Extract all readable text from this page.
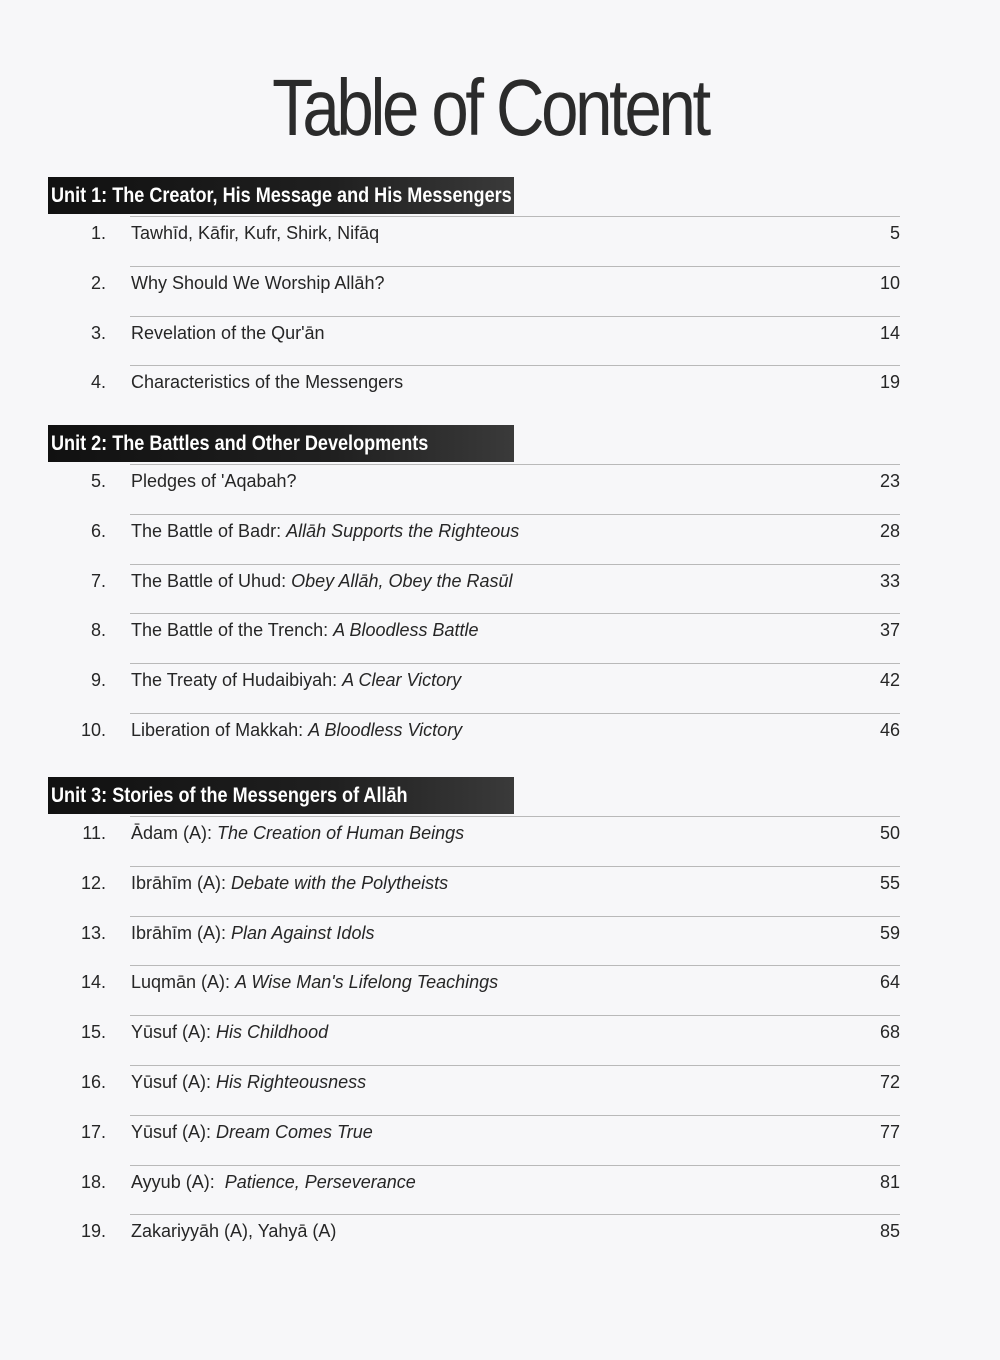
Table of Content
Unit 1: The Creator, His Message and His Messengers
1. Tawhīd, Kāfir, Kufr, Shirk, Nifāq	5
2. Why Should We Worship Allāh?	10
3. Revelation of the Qur'ān	14
4. Characteristics of the Messengers	19
Unit 2: The Battles and Other Developments
5. Pledges of 'Aqabah?	23
6. The Battle of Badr: Allāh Supports the Righteous	28
7. The Battle of Uhud: Obey Allāh, Obey the Rasūl	33
8. The Battle of the Trench: A Bloodless Battle	37
9. The Treaty of Hudaibiyah: A Clear Victory	42
10. Liberation of Makkah: A Bloodless Victory	46
Unit 3: Stories of the Messengers of Allāh
11. Ādam (A): The Creation of Human Beings	50
12. Ibrāhīm (A): Debate with the Polytheists	55
13. Ibrāhīm (A): Plan Against Idols	59
14. Luqmān (A): A Wise Man's Lifelong Teachings	64
15. Yūsuf (A): His Childhood	68
16. Yūsuf (A): His Righteousness	72
17. Yūsuf (A): Dream Comes True	77
18. Ayyub (A):  Patience, Perseverance	81
19. Zakariyyāh (A), Yahyā (A)	85
